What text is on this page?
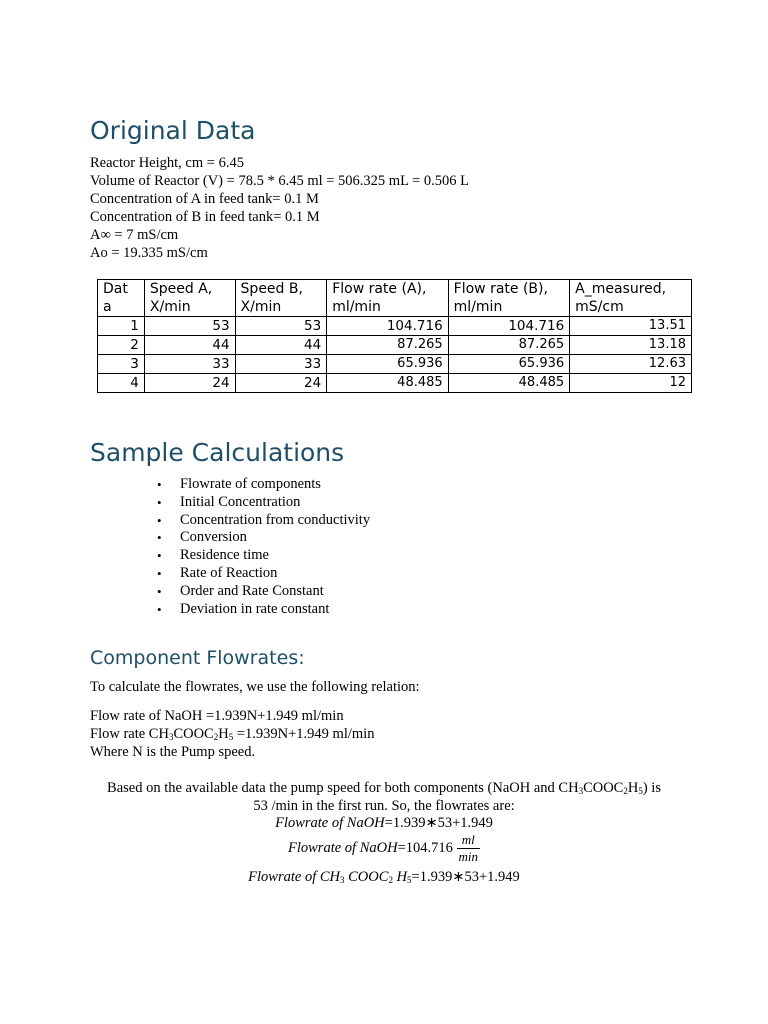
Original Data
Reactor Height, cm = 6.45
Volume of Reactor (V) = 78.5 * 6.45 ml = 506.325 mL = 0.506 L
Concentration of A in feed tank= 0.1 M
Concentration of B in feed tank= 0.1 M
A∞ = 7 mS/cm
Ao = 19.335 mS/cm
Dat a	Speed A, X/min	Speed B, X/min	Flow rate (A), ml/min	Flow rate (B), ml/min	A_measured, mS/cm
1	53	53	104.716	104.716	13.51
2	44	44	87.265	87.265	13.18
3	33	33	65.936	65.936	12.63
4	24	24	48.485	48.485	12
Sample Calculations
• Flowrate of components
• Initial Concentration
• Concentration from conductivity
• Conversion
• Residence time
• Rate of Reaction
• Order and Rate Constant
• Deviation in rate constant
Component Flowrates:
To calculate the flowrates, we use the following relation:
Flow rate of NaOH =1.939N+1.949 ml/min
Flow rate $CH_3COOC_2H_5 =1.939N+1.949$ ml/min
Where N is the Pump speed.
Based on the available data the pump speed for both components (NaOH and $CH_3COOC_2H_5$) is
53 /min in the first run. So, the flowrates are:
Flowrate of NaOH=1.939∗53+1.949
Flowrate of NaOH=104.716 $\frac{ml}{\min}$
Flowrate of $CH_3$ $COOC_2$ $H_5=1.939∗53+1.949$
